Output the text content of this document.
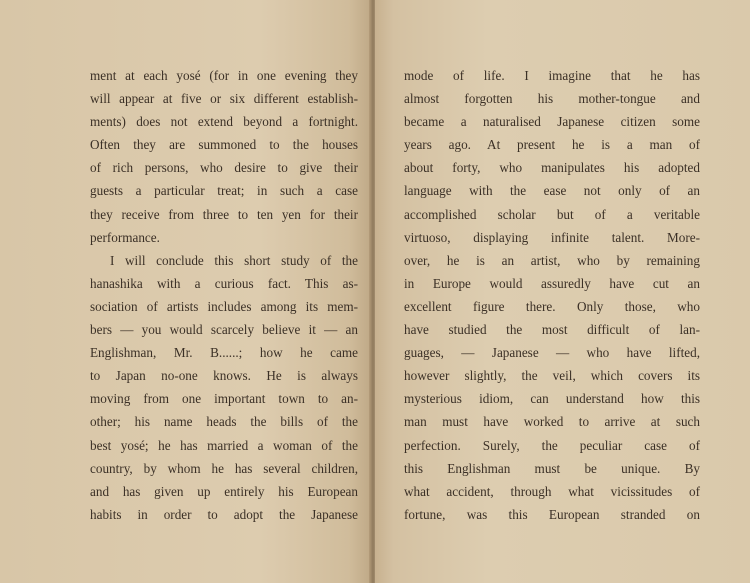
ment at each yosé (for in one evening they
will appear at five or six different establish-
ments) does not extend beyond a fortnight.
Often they are summoned to the houses
of rich persons, who desire to give their
guests a particular treat; in such a case
they receive from three to ten yen for their
performance.
I will conclude this short study of the
hanashika with a curious fact. This as-
sociation of artists includes among its mem-
bers — you would scarcely believe it — an
Englishman, Mr. B......; how he came
to Japan no-one knows. He is always
moving from one important town to an-
other; his name heads the bills of the
best yosé; he has married a woman of the
country, by whom he has several children,
and has given up entirely his European
habits in order to adopt the Japanese
mode of life. I imagine that he has
almost forgotten his mother-tongue and
became a naturalised Japanese citizen some
years ago. At present he is a man of
about forty, who manipulates his adopted
language with the ease not only of an
accomplished scholar but of a veritable
virtuoso, displaying infinite talent. More-
over, he is an artist, who by remaining
in Europe would assuredly have cut an
excellent figure there. Only those, who
have studied the most difficult of lan-
guages, — Japanese — who have lifted,
however slightly, the veil, which covers its
mysterious idiom, can understand how this
man must have worked to arrive at such
perfection. Surely, the peculiar case of
this Englishman must be unique. By
what accident, through what vicissitudes of
fortune, was this European stranded on
